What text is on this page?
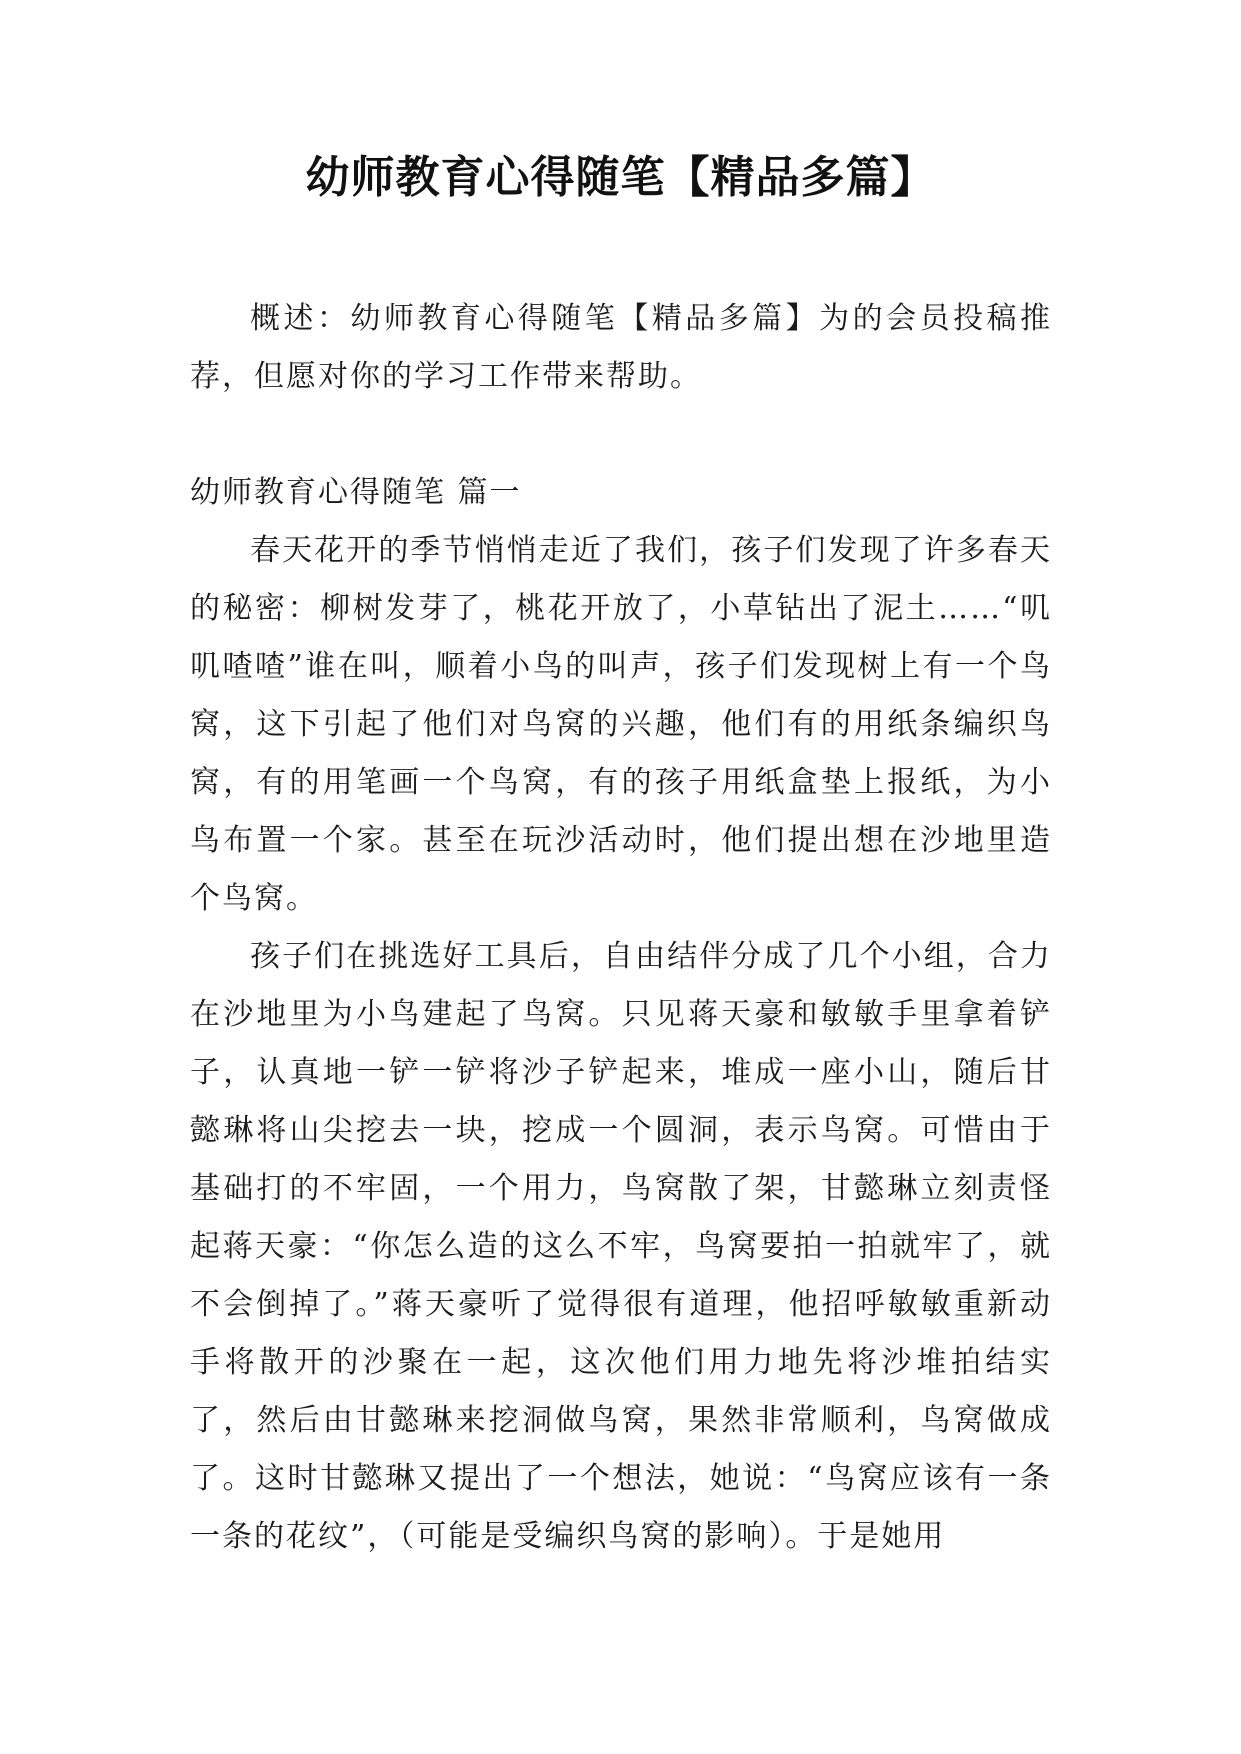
幼师教育心得随笔【精品多篇】

概述：幼师教育心得随笔【精品多篇】为的会员投稿推荐，但愿对你的学习工作带来帮助。

幼师教育心得随笔 篇一

春天花开的季节悄悄走近了我们，孩子们发现了许多春天的秘密：柳树发芽了，桃花开放了，小草钻出了泥土……“叽叽喳喳”谁在叫，顺着小鸟的叫声，孩子们发现树上有一个鸟窝，这下引起了他们对鸟窝的兴趣，他们有的用纸条编织鸟窝，有的用笔画一个鸟窝，有的孩子用纸盒垫上报纸，为小鸟布置一个家。甚至在玩沙活动时，他们提出想在沙地里造个鸟窝。

孩子们在挑选好工具后，自由结伴分成了几个小组，合力在沙地里为小鸟建起了鸟窝。只见蒋天豪和敏敏手里拿着铲子，认真地一铲一铲将沙子铲起来，堆成一座小山，随后甘懿琳将山尖挖去一块，挖成一个圆洞，表示鸟窝。可惜由于基础打的不牢固，一个用力，鸟窝散了架，甘懿琳立刻责怪起蒋天豪：“你怎么造的这么不牢，鸟窝要拍一拍就牢了，就不会倒掉了。”蒋天豪听了觉得很有道理，他招呼敏敏重新动手将散开的沙聚在一起，这次他们用力地先将沙堆拍结实了，然后由甘懿琳来挖洞做鸟窝，果然非常顺利，鸟窝做成了。这时甘懿琳又提出了一个想法，她说：“鸟窝应该有一条一条的花纹”，（可能是受编织鸟窝的影响）。于是她用
